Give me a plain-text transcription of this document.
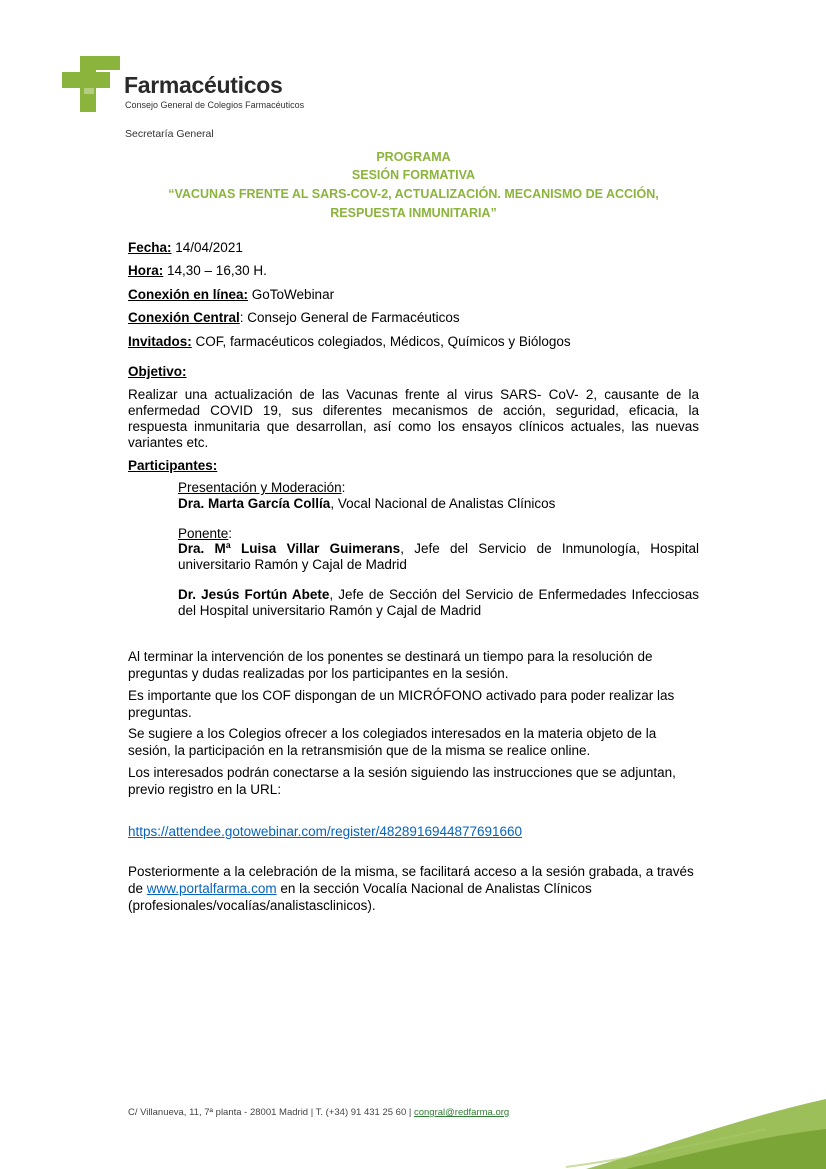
Farmacéuticos
Consejo General de Colegios Farmacéuticos
Secretaría General
PROGRAMA
SESIÓN FORMATIVA
“VACUNAS FRENTE AL SARS-COV-2, ACTUALIZACIÓN. MECANISMO DE ACCIÓN,
RESPUESTA INMUNITARIA”
Fecha: 14/04/2021
Hora: 14,30 – 16,30 H.
Conexión en línea: GoToWebinar
Conexión Central: Consejo General de Farmacéuticos
Invitados: COF, farmacéuticos colegiados, Médicos, Químicos y Biólogos
Objetivo:
Realizar una actualización de las Vacunas frente al virus SARS- CoV- 2, causante de la enfermedad COVID 19, sus diferentes mecanismos de acción, seguridad, eficacia, la respuesta inmunitaria que desarrollan, así como los ensayos clínicos actuales, las nuevas variantes etc.
Participantes:
Presentación y Moderación:
Dra. Marta García Collía, Vocal Nacional de Analistas Clínicos
Ponente:
Dra. Mª Luisa Villar Guimerans, Jefe del Servicio de Inmunología, Hospital universitario Ramón y Cajal de Madrid
Dr. Jesús Fortún Abete, Jefe de Sección del Servicio de Enfermedades Infecciosas del Hospital universitario Ramón y Cajal de Madrid
Al terminar la intervención de los ponentes se destinará un tiempo para la resolución de preguntas y dudas realizadas por los participantes en la sesión.
Es importante que los COF dispongan de un MICRÓFONO activado para poder realizar las preguntas.
Se sugiere a los Colegios ofrecer a los colegiados interesados en la materia objeto de la sesión, la participación en la retransmisión que de la misma se realice online.
Los interesados podrán conectarse a la sesión siguiendo las instrucciones que se adjuntan, previo registro en la URL:
https://attendee.gotowebinar.com/register/4828916944877691660
Posteriormente a la celebración de la misma, se facilitará acceso a la sesión grabada, a través de www.portalfarma.com en la sección Vocalía Nacional de Analistas Clínicos (profesionales/vocalías/analistasclinicos).
C/ Villanueva, 11, 7ª planta - 28001 Madrid | T. (+34) 91 431 25 60 | congral@redfarma.org
